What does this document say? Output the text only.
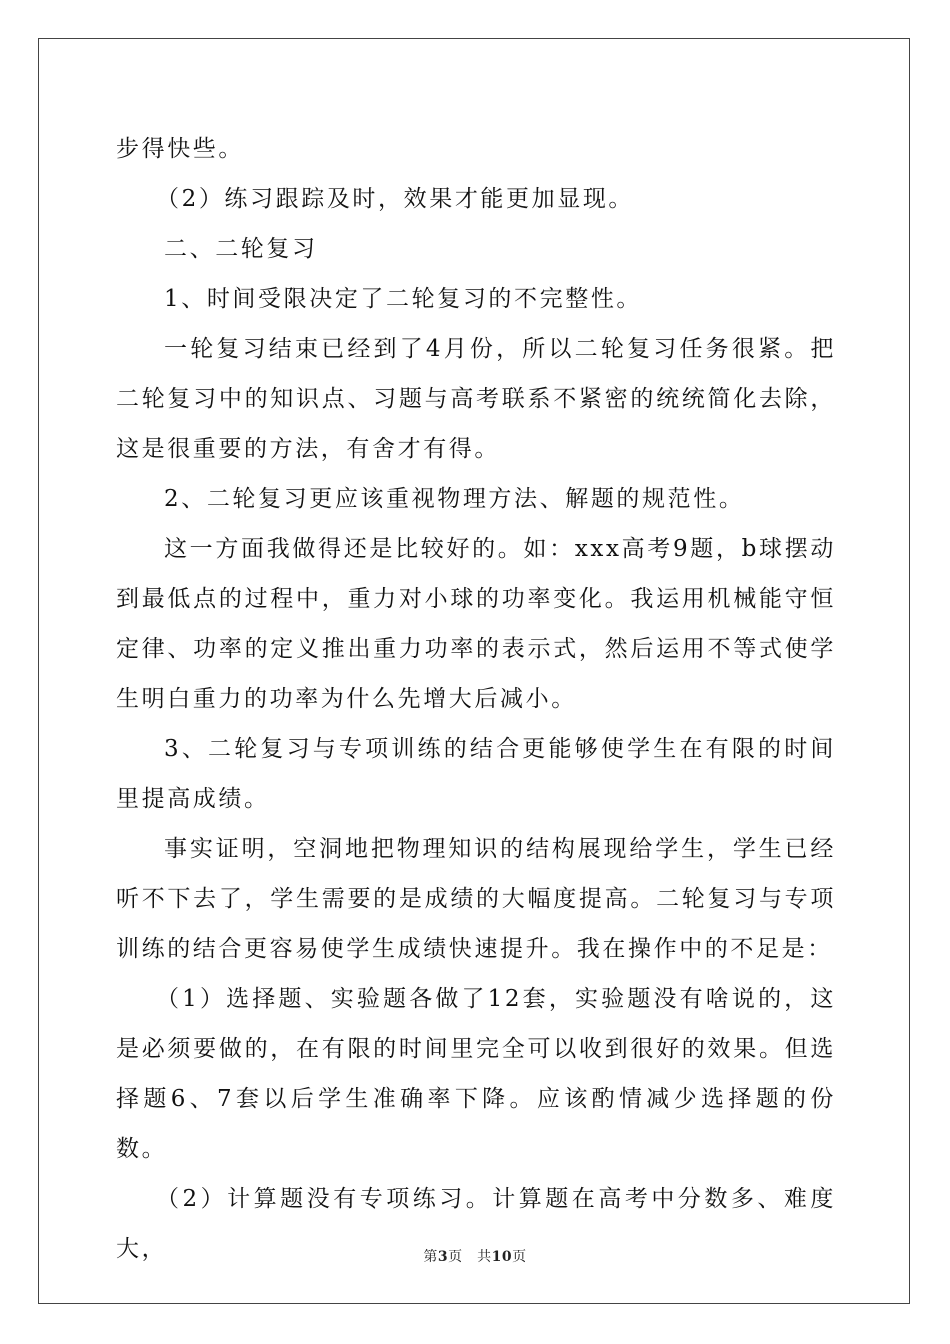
步得快些。

（2）练习跟踪及时，效果才能更加显现。

二、二轮复习

1、时间受限决定了二轮复习的不完整性。

一轮复习结束已经到了4月份，所以二轮复习任务很紧。把二轮复习中的知识点、习题与高考联系不紧密的统统简化去除，这是很重要的方法，有舍才有得。

2、二轮复习更应该重视物理方法、解题的规范性。

这一方面我做得还是比较好的。如：xxx高考9题，b球摆动到最低点的过程中，重力对小球的功率变化。我运用机械能守恒定律、功率的定义推出重力功率的表示式，然后运用不等式使学生明白重力的功率为什么先增大后减小。

3、二轮复习与专项训练的结合更能够使学生在有限的时间里提高成绩。

事实证明，空洞地把物理知识的结构展现给学生，学生已经听不下去了，学生需要的是成绩的大幅度提高。二轮复习与专项训练的结合更容易使学生成绩快速提升。我在操作中的不足是：

（1）选择题、实验题各做了12套，实验题没有啥说的，这是必须要做的，在有限的时间里完全可以收到很好的效果。但选择题6、7套以后学生准确率下降。应该酌情减少选择题的份数。

（2）计算题没有专项练习。计算题在高考中分数多、难度大，	第3页　共10页
